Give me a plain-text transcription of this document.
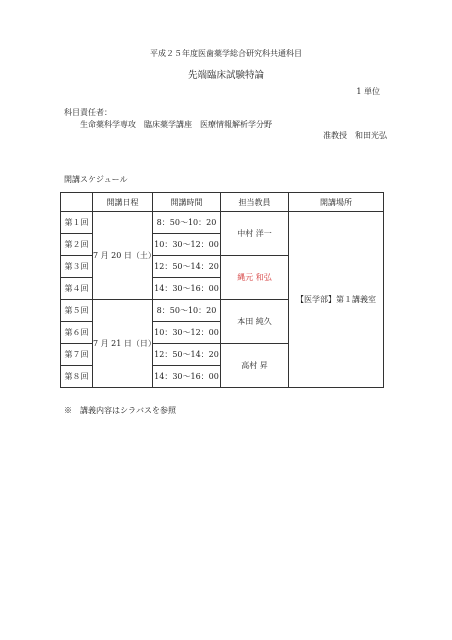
平成２５年度医歯薬学総合研究科共通科目
先端臨床試験特論
1 単位
科目責任者：
生命薬科学専攻　臨床薬学講座　医療情報解析学分野
准教授　和田光弘
開講スケジュール
	開講日程	開講時間	担当教員	開講場所
第１回	7 月 20 日（土）	8：50～10：20	中村 洋一	【医学部】第１講義室
第２回		10：30～12：00		
第３回		12：50～14：20	縄元 和弘	
第４回		14：30～16：00		
第５回	7 月 21 日（日）	8：50～10：20	本田 純久	
第６回		10：30～12：00		
第７回		12：50～14：20	高村 昇	
第８回		14：30～16：00		
※　講義内容はシラバスを参照
